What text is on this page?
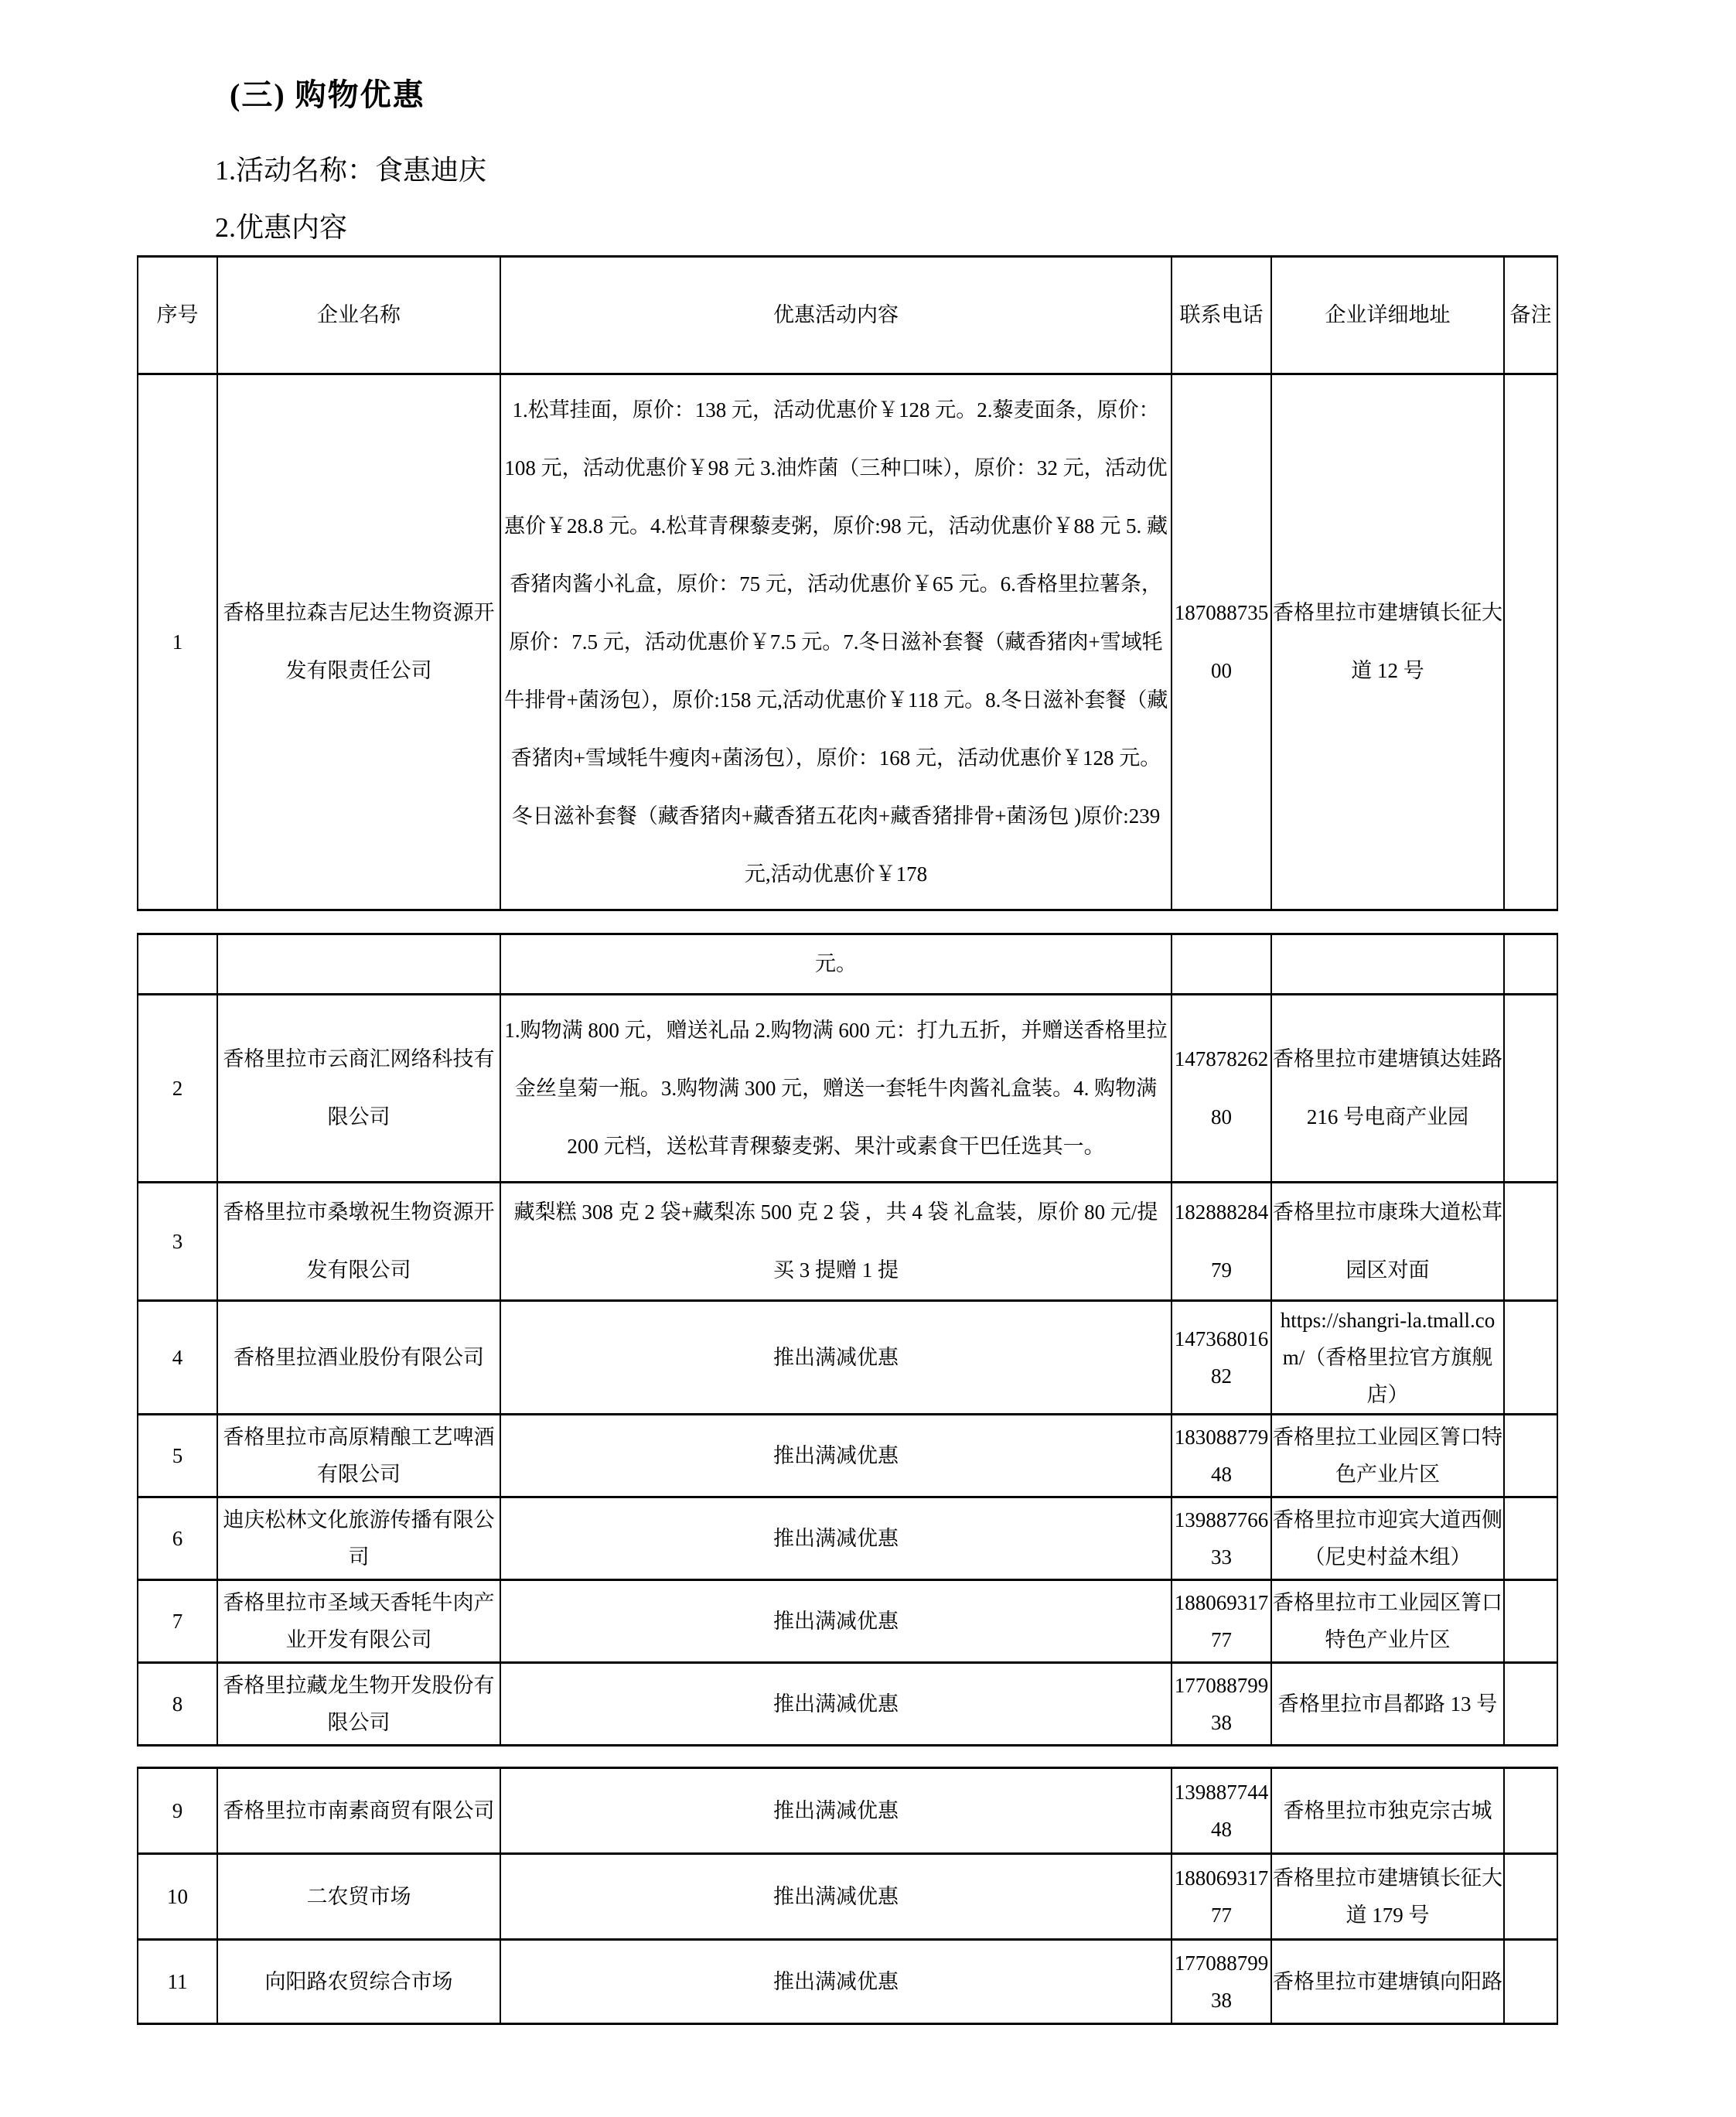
(三) 购物优惠

1.活动名称：食惠迪庆

2.优惠内容

序号	企业名称	优惠活动内容	联系电话	企业详细地址	备注
1	香格里拉森吉尼达生物资源开发有限责任公司	1.松茸挂面，原价：138 元，活动优惠价￥128 元。2.藜麦面条，原价：108 元，活动优惠价￥98 元 3.油炸菌（三种口味），原价：32 元，活动优惠价￥28.8 元。4.松茸青稞藜麦粥，原价:98 元，活动优惠价￥88 元 5. 藏香猪肉酱小礼盒，原价：75 元，活动优惠价￥65 元。6.香格里拉薯条，原价：7.5 元，活动优惠价￥7.5 元。7.冬日滋补套餐（藏香猪肉+雪域牦牛排骨+菌汤包），原价:158 元,活动优惠价￥118 元。8.冬日滋补套餐（藏香猪肉+雪域牦牛瘦肉+菌汤包），原价：168 元，活动优惠价￥128 元。冬日滋补套餐（藏香猪肉+藏香猪五花肉+藏香猪排骨+菌汤包 )原价:239 元,活动优惠价￥178	18708873500	香格里拉市建塘镇长征大道 12 号	
		元。			
2	香格里拉市云商汇网络科技有限公司	1.购物满 800 元，赠送礼品 2.购物满 600 元：打九五折，并赠送香格里拉金丝皇菊一瓶。3.购物满 300 元，赠送一套牦牛肉酱礼盒装。4. 购物满 200 元档，送松茸青稞藜麦粥、果汁或素食干巴任选其一。	14787826280	香格里拉市建塘镇达娃路 216 号电商产业园	
3	香格里拉市桑墩祝生物资源开发有限公司	藏梨糕 308 克 2 袋+藏梨冻 500 克 2 袋 ，共 4 袋 礼盒装，原价 80 元/提 买 3 提赠 1 提	18288828479	香格里拉市康珠大道松茸园区对面	
4	香格里拉酒业股份有限公司	推出满减优惠	14736801682	https://shangri-la.tmall.com/（香格里拉官方旗舰店）	
5	香格里拉市高原精酿工艺啤酒有限公司	推出满减优惠	18308877948	香格里拉工业园区箐口特色产业片区	
6	迪庆松林文化旅游传播有限公司	推出满减优惠	13988776633	香格里拉市迎宾大道西侧（尼史村益木组）	
7	香格里拉市圣域天香牦牛肉产业开发有限公司	推出满减优惠	18806931777	香格里拉市工业园区箐口特色产业片区	
8	香格里拉藏龙生物开发股份有限公司	推出满减优惠	17708879938	香格里拉市昌都路 13 号	
9	香格里拉市南素商贸有限公司	推出满减优惠	13988774448	香格里拉市独克宗古城	
10	二农贸市场	推出满减优惠	18806931777	香格里拉市建塘镇长征大道 179 号	
11	向阳路农贸综合市场	推出满减优惠	17708879938	香格里拉市建塘镇向阳路	
